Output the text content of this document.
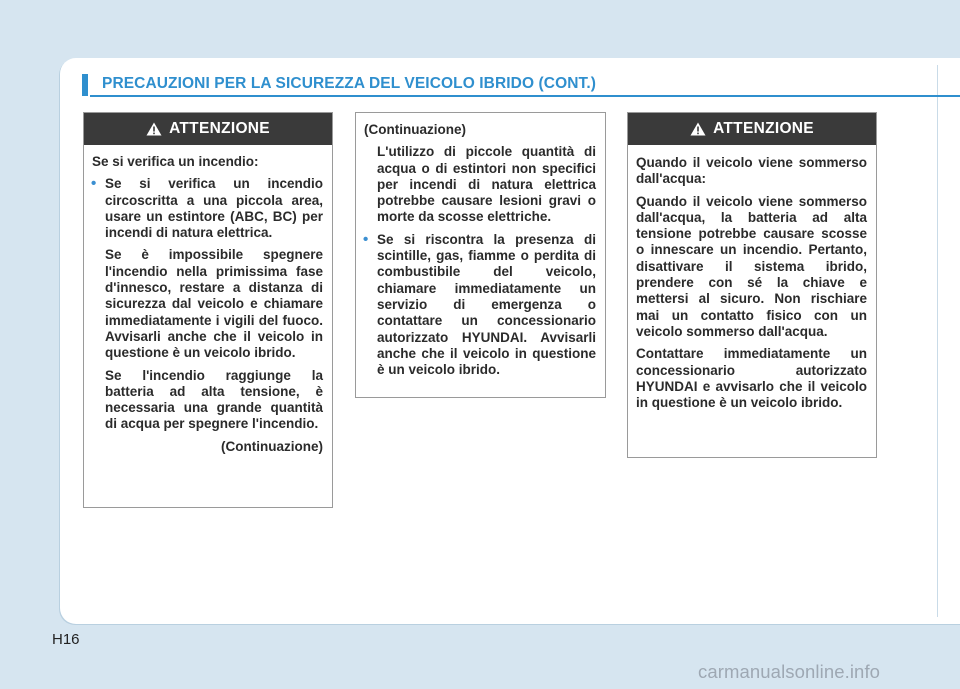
PRECAUZIONI PER LA SICUREZZA DEL VEICOLO IBRIDO (CONT.)
ATTENZIONE

Se si verifica un incendio:

• Se si verifica un incendio circoscritta a una piccola area, usare un estintore (ABC, BC) per incendi di natura elettrica.

Se è impossibile spegnere l'incendio nella primissima fase d'innesco, restare a distanza di sicurezza dal veicolo e chiamare immediatamente i vigili del fuoco. Avvisarli anche che il veicolo in questione è un veicolo ibrido.

Se l'incendio raggiunge la batteria ad alta tensione, è necessaria una grande quantità di acqua per spegnere l'incendio.

(Continuazione)

(Continuazione)

L'utilizzo di piccole quantità di acqua o di estintori non specifici per incendi di natura elettrica potrebbe causare lesioni gravi o morte da scosse elettriche.

• Se si riscontra la presenza di scintille, gas, fiamme o perdita di combustibile del veicolo, chiamare immediatamente un servizio di emergenza o contattare un concessionario autorizzato HYUNDAI. Avvisarli anche che il veicolo in questione è un veicolo ibrido.

ATTENZIONE

Quando il veicolo viene sommerso dall'acqua:

Quando il veicolo viene sommerso dall'acqua, la batteria ad alta tensione potrebbe causare scosse o innescare un incendio. Pertanto, disattivare il sistema ibrido, prendere con sé la chiave e mettersi al sicuro. Non rischiare mai un contatto fisico con un veicolo sommerso dall'acqua.

Contattare immediatamente un concessionario autorizzato HYUNDAI e avvisarlo che il veicolo in questione è un veicolo ibrido.

H16
carmanualsonline.info
